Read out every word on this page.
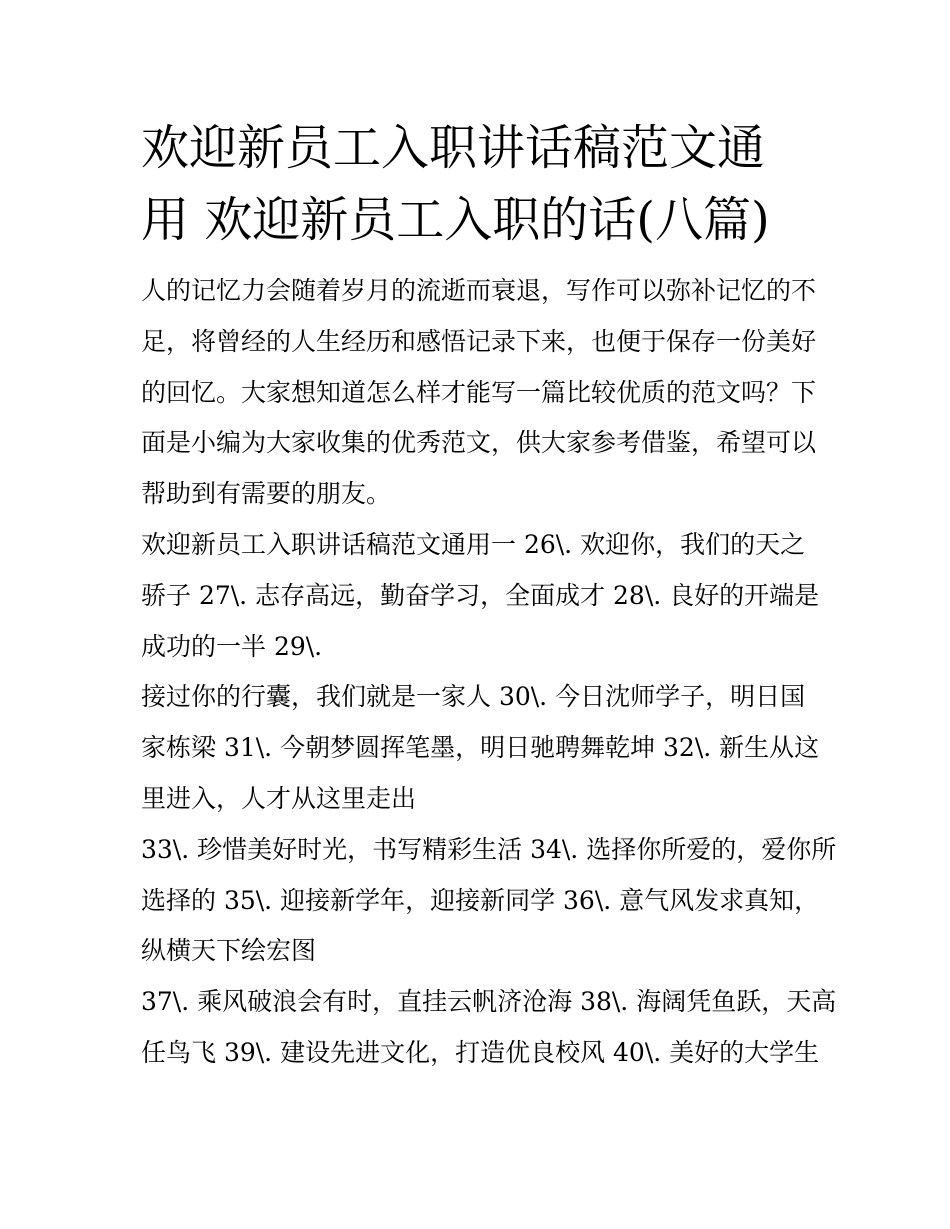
欢迎新员工入职讲话稿范文通
用 欢迎新员工入职的话(八篇)
人的记忆力会随着岁月的流逝而衰退，写作可以弥补记忆的不
足，将曾经的人生经历和感悟记录下来，也便于保存一份美好
的回忆。大家想知道怎么样才能写一篇比较优质的范文吗？下
面是小编为大家收集的优秀范文，供大家参考借鉴，希望可以
帮助到有需要的朋友。
欢迎新员工入职讲话稿范文通用一 26\. 欢迎你，我们的天之
骄子 27\. 志存高远，勤奋学习，全面成才 28\. 良好的开端是
成功的一半 29\.
接过你的行囊，我们就是一家人 30\. 今日沈师学子，明日国
家栋梁 31\. 今朝梦圆挥笔墨，明日驰聘舞乾坤 32\. 新生从这
里进入，人才从这里走出
33\. 珍惜美好时光，书写精彩生活 34\. 选择你所爱的，爱你所
选择的 35\. 迎接新学年，迎接新同学 36\. 意气风发求真知，
纵横天下绘宏图
37\. 乘风破浪会有时，直挂云帆济沧海 38\. 海阔凭鱼跃，天高
任鸟飞 39\. 建设先进文化，打造优良校风 40\. 美好的大学生
